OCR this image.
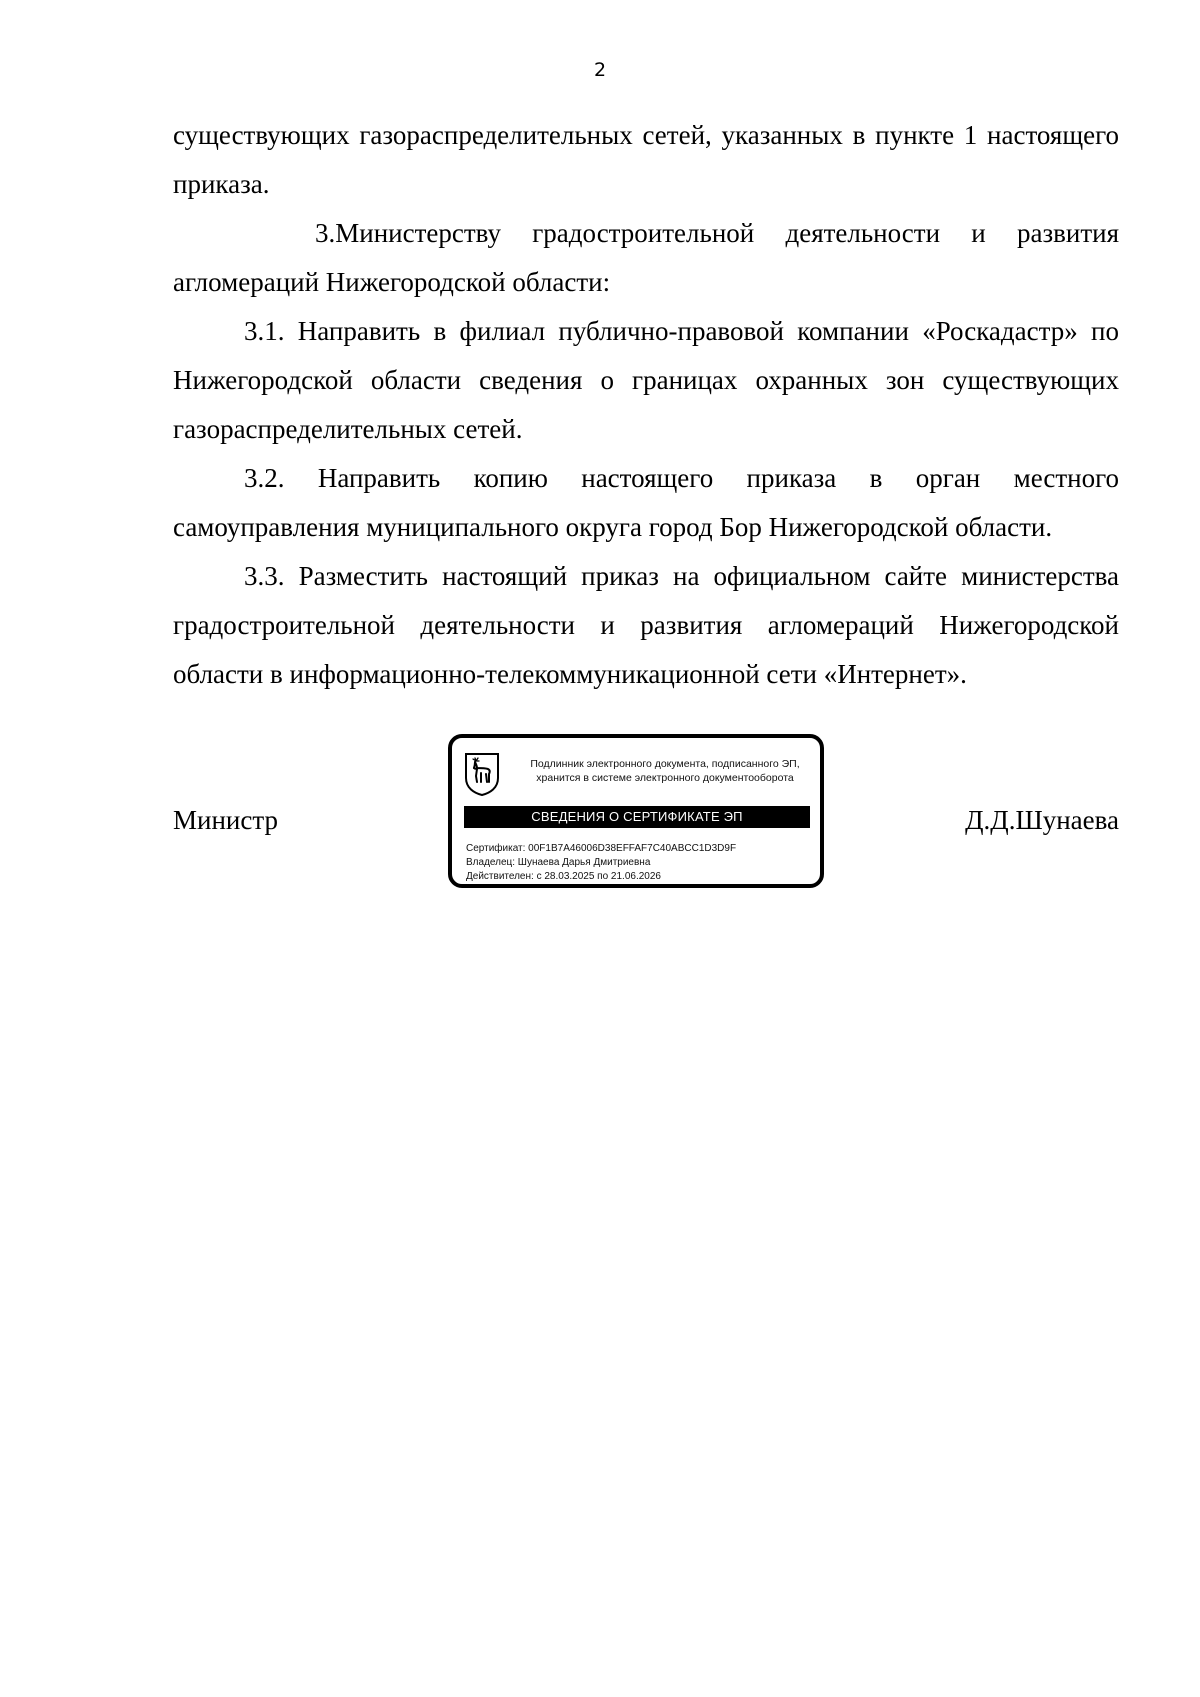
2

существующих газораспределительных сетей, указанных в пункте 1 настоящего приказа.

3.Министерству градостроительной деятельности и развития агломераций Нижегородской области:

3.1. Направить в филиал публично-правовой компании «Роскадастр» по Нижегородской области сведения о границах охранных зон существующих газораспределительных сетей.

3.2. Направить копию настоящего приказа в орган местного самоуправления муниципального округа город Бор Нижегородской области.

3.3. Разместить настоящий приказ на официальном сайте министерства градостроительной деятельности и развития агломераций Нижегородской области в информационно-телекоммуникационной сети «Интернет».

Министр	Д.Д.Шунаева
Подлинник электронного документа, подписанного ЭП,
хранится в системе электронного документооборота
СВЕДЕНИЯ О СЕРТИФИКАТЕ ЭП
Сертификат: 00F1B7A46006D38EFFAF7C40ABCC1D3D9F
Владелец: Шунаева Дарья Дмитриевна
Действителен: с 28.03.2025 по 21.06.2026
